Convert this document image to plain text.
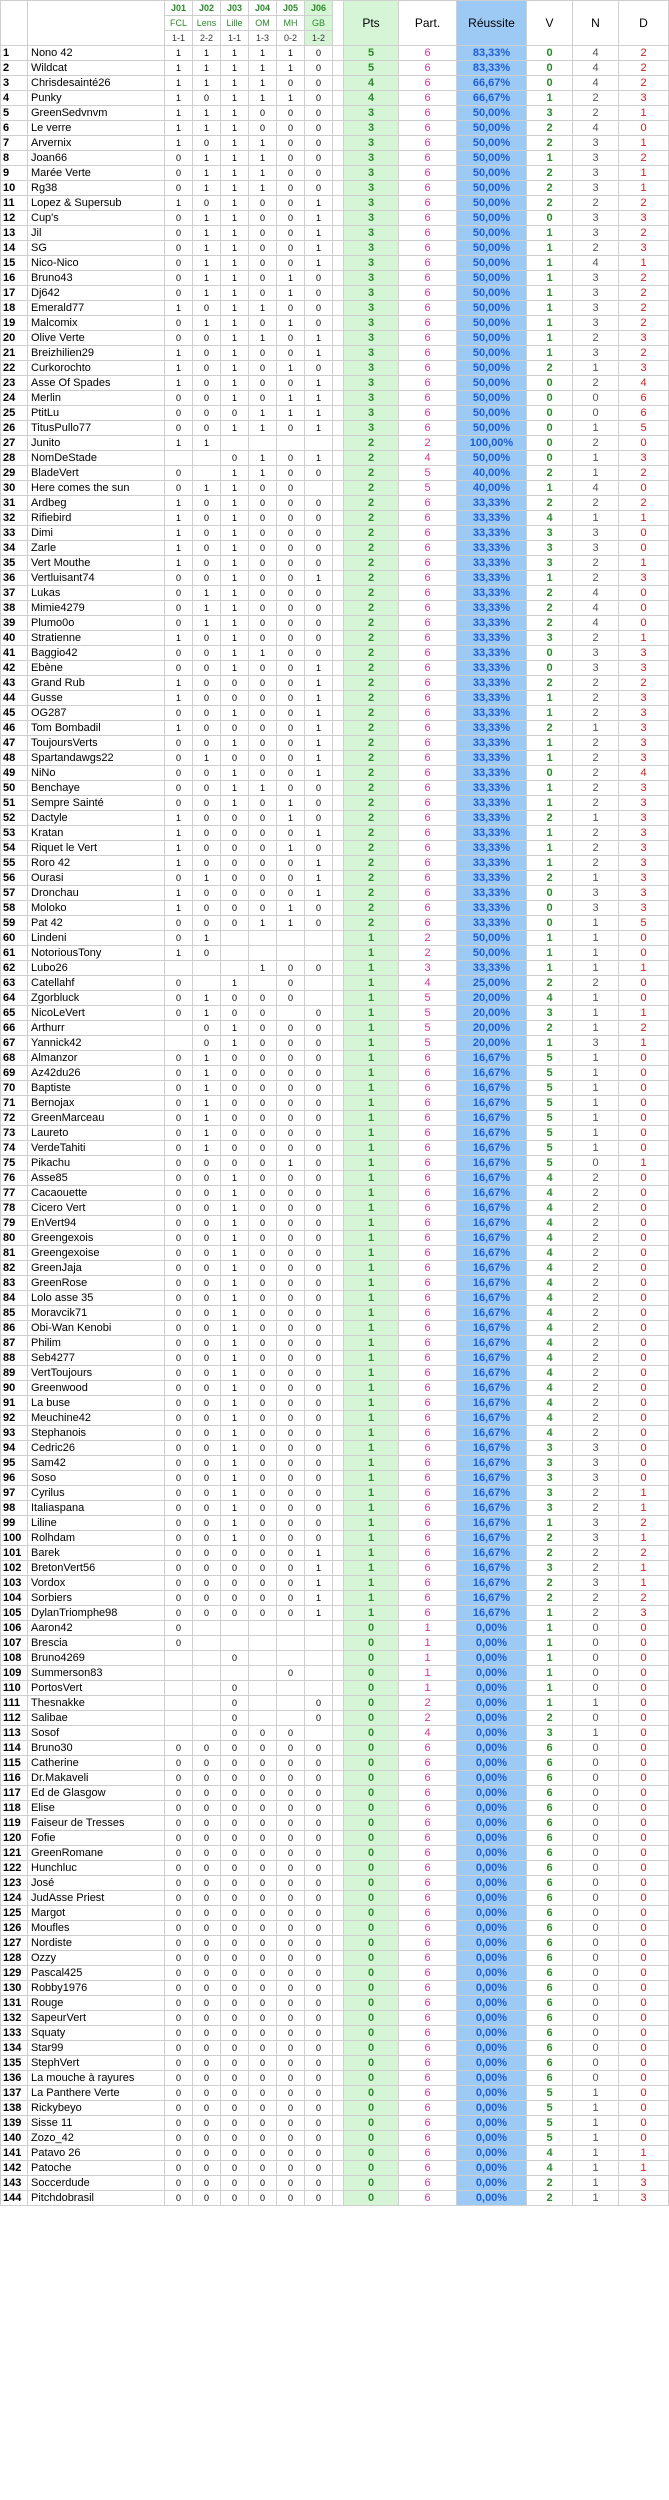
		J01	J02	J03	J04	J05	J06		Pts	Part.	Réussite	V	N	D
		FCL	Lens	Lille	OM	MH	GB							
		1-1	2-2	1-1	1-3	0-2	1-2							
1	Nono 42	1	1	1	1	1	0		5	6	83,33%	0	4	2
2	Wildcat	1	1	1	1	1	0		5	6	83,33%	0	4	2
3	Chrisdesainté26	1	1	1	1	0	0		4	6	66,67%	0	4	2
4	Punky	1	0	1	1	1	0		4	6	66,67%	1	2	3
5	GreenSedvnvm	1	1	1	0	0	0		3	6	50,00%	3	2	1
6	Le verre	1	1	1	0	0	0		3	6	50,00%	2	4	0
7	Arvernix	1	0	1	1	0	0		3	6	50,00%	2	3	1
8	Joan66	0	1	1	1	0	0		3	6	50,00%	1	3	2
9	Marée Verte	0	1	1	1	0	0		3	6	50,00%	2	3	1
10	Rg38	0	1	1	1	0	0		3	6	50,00%	2	3	1
11	Lopez & Supersub	1	0	1	0	0	1		3	6	50,00%	2	2	2
12	Cup's	0	1	1	0	0	1		3	6	50,00%	0	3	3
13	Jil	0	1	1	0	0	1		3	6	50,00%	1	3	2
14	SG	0	1	1	0	0	1		3	6	50,00%	1	2	3
15	Nico-Nico	0	1	1	0	0	1		3	6	50,00%	1	4	1
16	Bruno43	0	1	1	0	1	0		3	6	50,00%	1	3	2
17	Dj642	0	1	1	0	1	0		3	6	50,00%	1	3	2
18	Emerald77	1	0	1	1	0	0		3	6	50,00%	1	3	2
19	Malcomix	0	1	1	0	1	0		3	6	50,00%	1	3	2
20	Olive Verte	0	0	1	1	0	1		3	6	50,00%	1	2	3
21	Breizhilien29	1	0	1	0	0	1		3	6	50,00%	1	3	2
22	Curkorochto	1	0	1	0	1	0		3	6	50,00%	2	1	3
23	Asse Of Spades	1	0	1	0	0	1		3	6	50,00%	0	2	4
24	Merlin	0	0	1	0	1	1		3	6	50,00%	0	0	6
25	PtitLu	0	0	0	1	1	1		3	6	50,00%	0	0	6
26	TitusPullo77	0	0	1	1	0	1		3	6	50,00%	0	1	5
27	Junito	1	1						2	2	100,00%	0	2	0
28	NomDeStade			0	1	0	1		2	4	50,00%	0	1	3
29	BladeVert	0		1	1	0	0		2	5	40,00%	2	1	2
30	Here comes the sun	0	1	1	0	0			2	5	40,00%	1	4	0
31	Ardbeg	1	0	1	0	0	0		2	6	33,33%	2	2	2
32	Rifiebird	1	0	1	0	0	0		2	6	33,33%	4	1	1
33	Dimi	1	0	1	0	0	0		2	6	33,33%	3	3	0
34	Zarle	1	0	1	0	0	0		2	6	33,33%	3	3	0
35	Vert Mouthe	1	0	1	0	0	0		2	6	33,33%	3	2	1
36	Vertluisant74	0	0	1	0	0	1		2	6	33,33%	1	2	3
37	Lukas	0	1	1	0	0	0		2	6	33,33%	2	4	0
38	Mimie4279	0	1	1	0	0	0		2	6	33,33%	2	4	0
39	Plumo0o	0	1	1	0	0	0		2	6	33,33%	2	4	0
40	Stratienne	1	0	1	0	0	0		2	6	33,33%	3	2	1
41	Baggio42	0	0	1	1	0	0		2	6	33,33%	0	3	3
42	Ebène	0	0	1	0	0	1		2	6	33,33%	0	3	3
43	Grand Rub	1	0	0	0	0	1		2	6	33,33%	2	2	2
44	Gusse	1	0	0	0	0	1		2	6	33,33%	1	2	3
45	OG287	0	0	1	0	0	1		2	6	33,33%	1	2	3
46	Tom Bombadil	1	0	0	0	0	1		2	6	33,33%	2	1	3
47	ToujoursVerts	0	0	1	0	0	1		2	6	33,33%	1	2	3
48	Spartandawgs22	0	1	0	0	0	1		2	6	33,33%	1	2	3
49	NiNo	0	0	1	0	0	1		2	6	33,33%	0	2	4
50	Benchaye	0	0	1	1	0	0		2	6	33,33%	1	2	3
51	Sempre Sainté	0	0	1	0	1	0		2	6	33,33%	1	2	3
52	Dactyle	1	0	0	0	1	0		2	6	33,33%	2	1	3
53	Kratan	1	0	0	0	0	1		2	6	33,33%	1	2	3
54	Riquet le Vert	1	0	0	0	1	0		2	6	33,33%	1	2	3
55	Roro 42	1	0	0	0	0	1		2	6	33,33%	1	2	3
56	Ourasi	0	1	0	0	0	1		2	6	33,33%	2	1	3
57	Dronchau	1	0	0	0	0	1		2	6	33,33%	0	3	3
58	Moloko	1	0	0	0	1	0		2	6	33,33%	0	3	3
59	Pat 42	0	0	0	1	1	0		2	6	33,33%	0	1	5
60	Lindeni	0	1						1	2	50,00%	1	1	0
61	NotoriousTony	1	0						1	2	50,00%	1	1	0
62	Lubo26				1	0	0		1	3	33,33%	1	1	1
63	Catellahf	0		1		0			1	4	25,00%	2	2	0
64	Zgorbluck	0	1	0	0	0			1	5	20,00%	4	1	0
65	NicoLeVert	0	1	0	0		0		1	5	20,00%	3	1	1
66	Arthurr		0	1	0	0	0		1	5	20,00%	2	1	2
67	Yannick42		0	1	0	0	0		1	5	20,00%	1	3	1
68	Almanzor	0	1	0	0	0	0		1	6	16,67%	5	1	0
69	Az42du26	0	1	0	0	0	0		1	6	16,67%	5	1	0
70	Baptiste	0	1	0	0	0	0		1	6	16,67%	5	1	0
71	Bernojax	0	1	0	0	0	0		1	6	16,67%	5	1	0
72	GreenMarceau	0	1	0	0	0	0		1	6	16,67%	5	1	0
73	Laureto	0	1	0	0	0	0		1	6	16,67%	5	1	0
74	VerdeTahiti	0	1	0	0	0	0		1	6	16,67%	5	1	0
75	Pikachu	0	0	0	0	1	0		1	6	16,67%	5	0	1
76	Asse85	0	0	1	0	0	0		1	6	16,67%	4	2	0
77	Cacaouette	0	0	1	0	0	0		1	6	16,67%	4	2	0
78	Cicero Vert	0	0	1	0	0	0		1	6	16,67%	4	2	0
79	EnVert94	0	0	1	0	0	0		1	6	16,67%	4	2	0
80	Greengexois	0	0	1	0	0	0		1	6	16,67%	4	2	0
81	Greengexoise	0	0	1	0	0	0		1	6	16,67%	4	2	0
82	GreenJaja	0	0	1	0	0	0		1	6	16,67%	4	2	0
83	GreenRose	0	0	1	0	0	0		1	6	16,67%	4	2	0
84	Lolo asse 35	0	0	1	0	0	0		1	6	16,67%	4	2	0
85	Moravcik71	0	0	1	0	0	0		1	6	16,67%	4	2	0
86	Obi-Wan Kenobi	0	0	1	0	0	0		1	6	16,67%	4	2	0
87	Philim	0	0	1	0	0	0		1	6	16,67%	4	2	0
88	Seb4277	0	0	1	0	0	0		1	6	16,67%	4	2	0
89	VertToujours	0	0	1	0	0	0		1	6	16,67%	4	2	0
90	Greenwood	0	0	1	0	0	0		1	6	16,67%	4	2	0
91	La buse	0	0	1	0	0	0		1	6	16,67%	4	2	0
92	Meuchine42	0	0	1	0	0	0		1	6	16,67%	4	2	0
93	Stephanois	0	0	1	0	0	0		1	6	16,67%	4	2	0
94	Cedric26	0	0	1	0	0	0		1	6	16,67%	3	3	0
95	Sam42	0	0	1	0	0	0		1	6	16,67%	3	3	0
96	Soso	0	0	1	0	0	0		1	6	16,67%	3	3	0
97	Cyrilus	0	0	1	0	0	0		1	6	16,67%	3	2	1
98	Italiaspana	0	0	1	0	0	0		1	6	16,67%	3	2	1
99	Liline	0	0	1	0	0	0		1	6	16,67%	1	3	2
100	Rolhdam	0	0	1	0	0	0		1	6	16,67%	2	3	1
101	Barek	0	0	0	0	0	1		1	6	16,67%	2	2	2
102	BretonVert56	0	0	0	0	0	1		1	6	16,67%	3	2	1
103	Vordox	0	0	0	0	0	1		1	6	16,67%	2	3	1
104	Sorbiers	0	0	0	0	0	1		1	6	16,67%	2	2	2
105	DylanTriomphe98	0	0	0	0	0	1		1	6	16,67%	1	2	3
106	Aaron42	0							0	1	0,00%	1	0	0
107	Brescia	0							0	1	0,00%	1	0	0
108	Bruno4269			0					0	1	0,00%	1	0	0
109	Summerson83					0			0	1	0,00%	1	0	0
110	PortosVert			0					0	1	0,00%	1	0	0
111	Thesnakke			0			0		0	2	0,00%	1	1	0
112	Salibae			0			0		0	2	0,00%	2	0	0
113	Sosof			0	0	0			0	4	0,00%	3	1	0
114	Bruno30	0	0	0	0	0	0		0	6	0,00%	6	0	0
115	Catherine	0	0	0	0	0	0		0	6	0,00%	6	0	0
116	Dr.Makaveli	0	0	0	0	0	0		0	6	0,00%	6	0	0
117	Ed de Glasgow	0	0	0	0	0	0		0	6	0,00%	6	0	0
118	Elise	0	0	0	0	0	0		0	6	0,00%	6	0	0
119	Faiseur de Tresses	0	0	0	0	0	0		0	6	0,00%	6	0	0
120	Fofie	0	0	0	0	0	0		0	6	0,00%	6	0	0
121	GreenRomane	0	0	0	0	0	0		0	6	0,00%	6	0	0
122	Hunchluc	0	0	0	0	0	0		0	6	0,00%	6	0	0
123	José	0	0	0	0	0	0		0	6	0,00%	6	0	0
124	JudAsse Priest	0	0	0	0	0	0		0	6	0,00%	6	0	0
125	Margot	0	0	0	0	0	0		0	6	0,00%	6	0	0
126	Moufles	0	0	0	0	0	0		0	6	0,00%	6	0	0
127	Nordiste	0	0	0	0	0	0		0	6	0,00%	6	0	0
128	Ozzy	0	0	0	0	0	0		0	6	0,00%	6	0	0
129	Pascal425	0	0	0	0	0	0		0	6	0,00%	6	0	0
130	Robby1976	0	0	0	0	0	0		0	6	0,00%	6	0	0
131	Rouge	0	0	0	0	0	0		0	6	0,00%	6	0	0
132	SapeurVert	0	0	0	0	0	0		0	6	0,00%	6	0	0
133	Squaty	0	0	0	0	0	0		0	6	0,00%	6	0	0
134	Star99	0	0	0	0	0	0		0	6	0,00%	6	0	0
135	StephVert	0	0	0	0	0	0		0	6	0,00%	6	0	0
136	La mouche à rayures	0	0	0	0	0	0		0	6	0,00%	6	0	0
137	La Panthere Verte	0	0	0	0	0	0		0	6	0,00%	5	1	0
138	Rickybeyo	0	0	0	0	0	0		0	6	0,00%	5	1	0
139	Sisse 11	0	0	0	0	0	0		0	6	0,00%	5	1	0
140	Zozo_42	0	0	0	0	0	0		0	6	0,00%	5	1	0
141	Patavo 26	0	0	0	0	0	0		0	6	0,00%	4	1	1
142	Patoche	0	0	0	0	0	0		0	6	0,00%	4	1	1
143	Soccerdude	0	0	0	0	0	0		0	6	0,00%	2	1	3
144	Pitchdobrasil	0	0	0	0	0	0		0	6	0,00%	2	1	3
